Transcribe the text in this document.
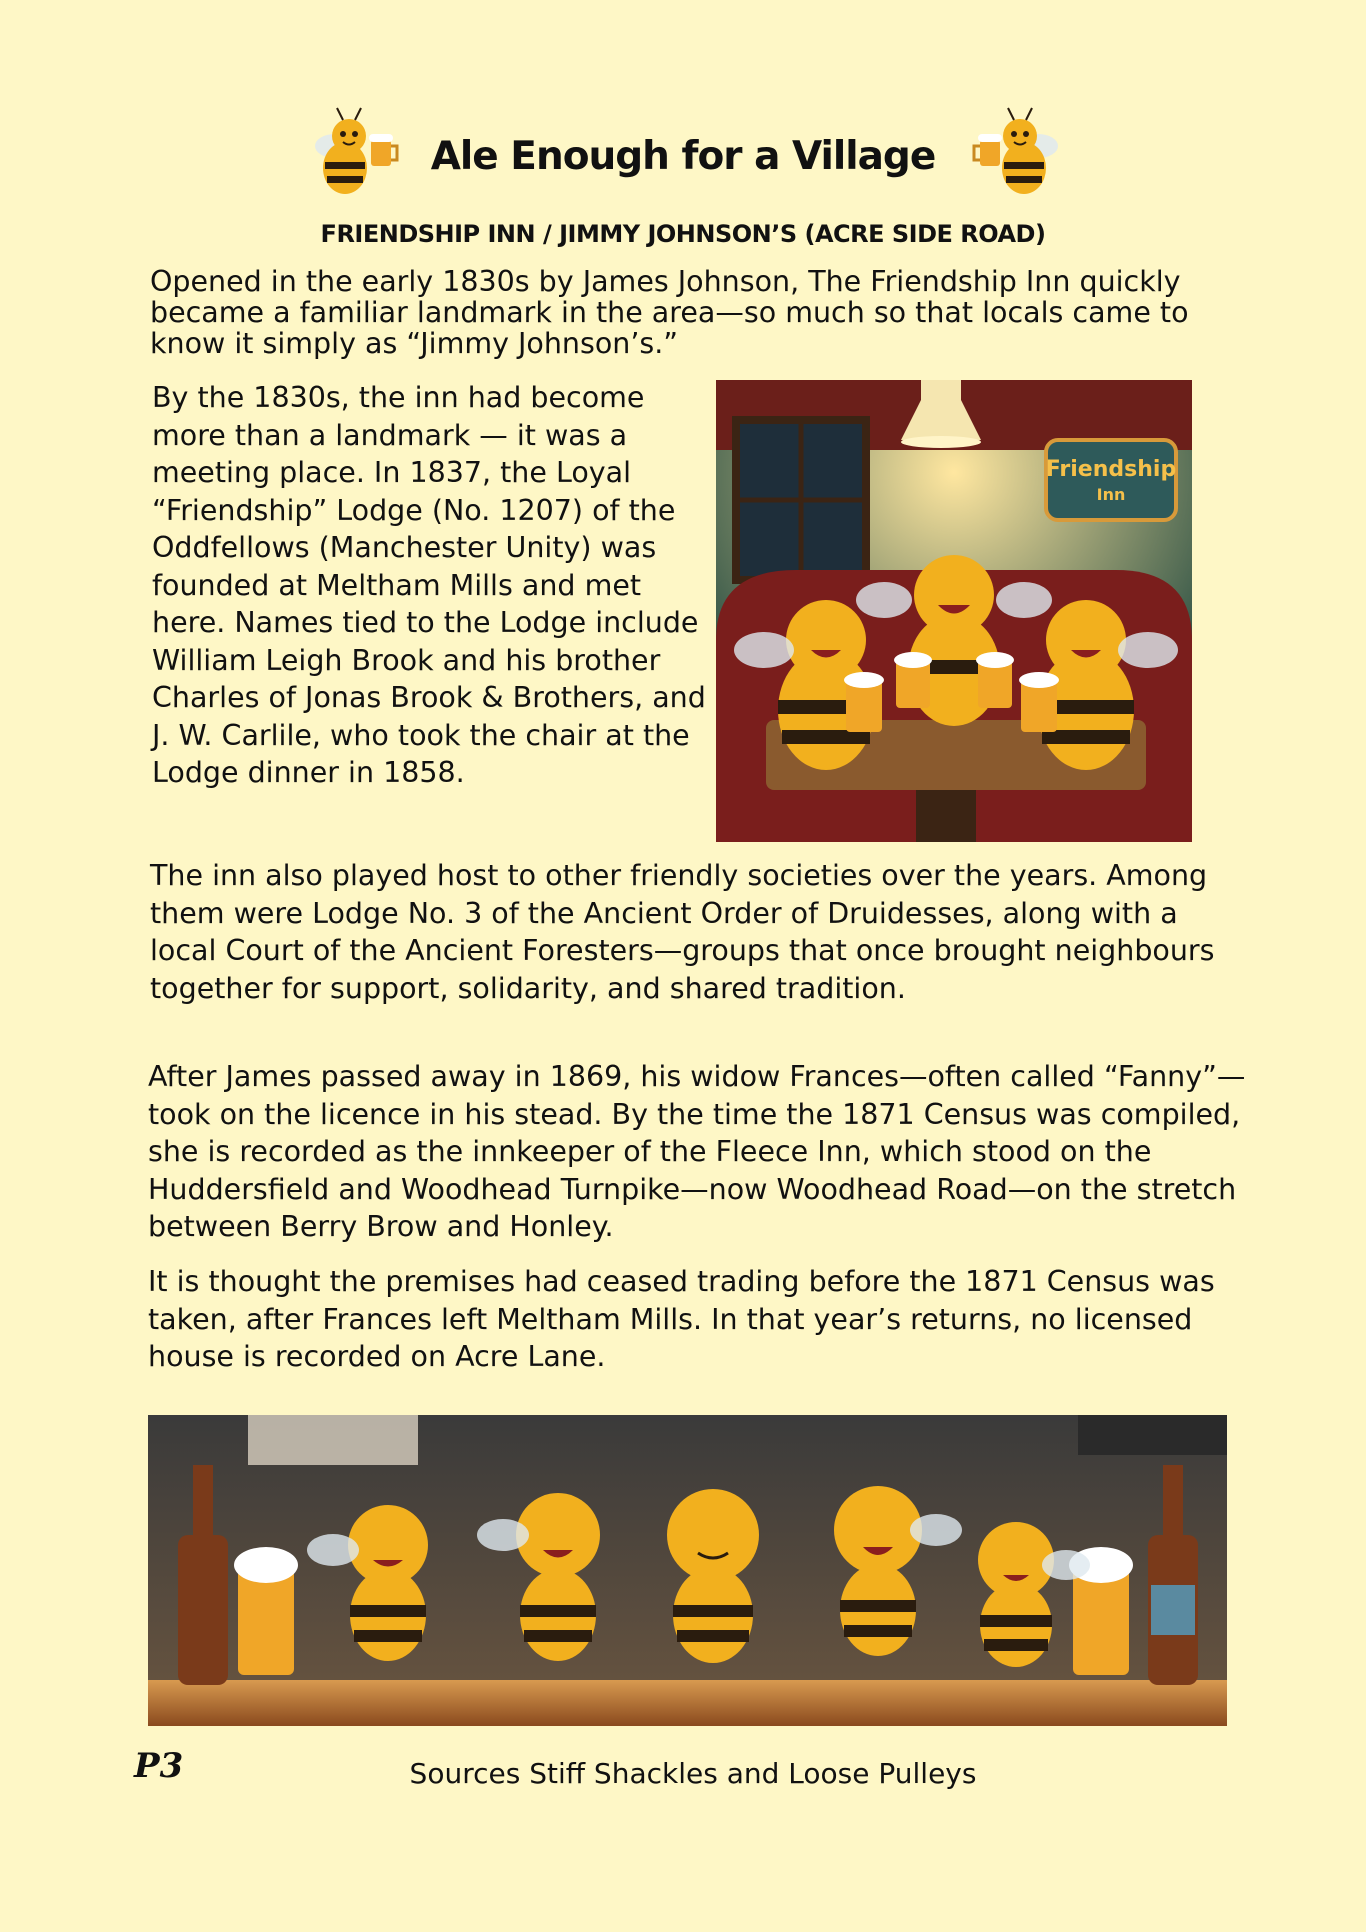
Ale Enough for a Village
FRIENDSHIP INN / JIMMY JOHNSON’S (ACRE SIDE ROAD)

Opened in the early 1830s by James Johnson, The Friendship Inn quickly became a familiar landmark in the area—so much so that locals came to know it simply as “Jimmy Johnson’s.”

By the 1830s, the inn had become more than a landmark — it was a meeting place. In 1837, the Loyal “Friendship” Lodge (No. 1207) of the Oddfellows (Manchester Unity) was founded at Meltham Mills and met here. Names tied to the Lodge include William Leigh Brook and his brother Charles of Jonas Brook & Brothers, and J. W. Carlile, who took the chair at the Lodge dinner in 1858.

Friendship
Inn

The inn also played host to other friendly societies over the years. Among them were Lodge No. 3 of the Ancient Order of Druidesses, along with a local Court of the Ancient Foresters—groups that once brought neighbours together for support, solidarity, and shared tradition.

After James passed away in 1869, his widow Frances—often called “Fanny”—took on the licence in his stead. By the time the 1871 Census was compiled, she is recorded as the innkeeper of the Fleece Inn, which stood on the Huddersfield and Woodhead Turnpike—now Woodhead Road—on the stretch between Berry Brow and Honley.

It is thought the premises had ceased trading before the 1871 Census was taken, after Frances left Meltham Mills. In that year’s returns, no licensed house is recorded on Acre Lane.

P3	Sources Stiff Shackles and Loose Pulleys
